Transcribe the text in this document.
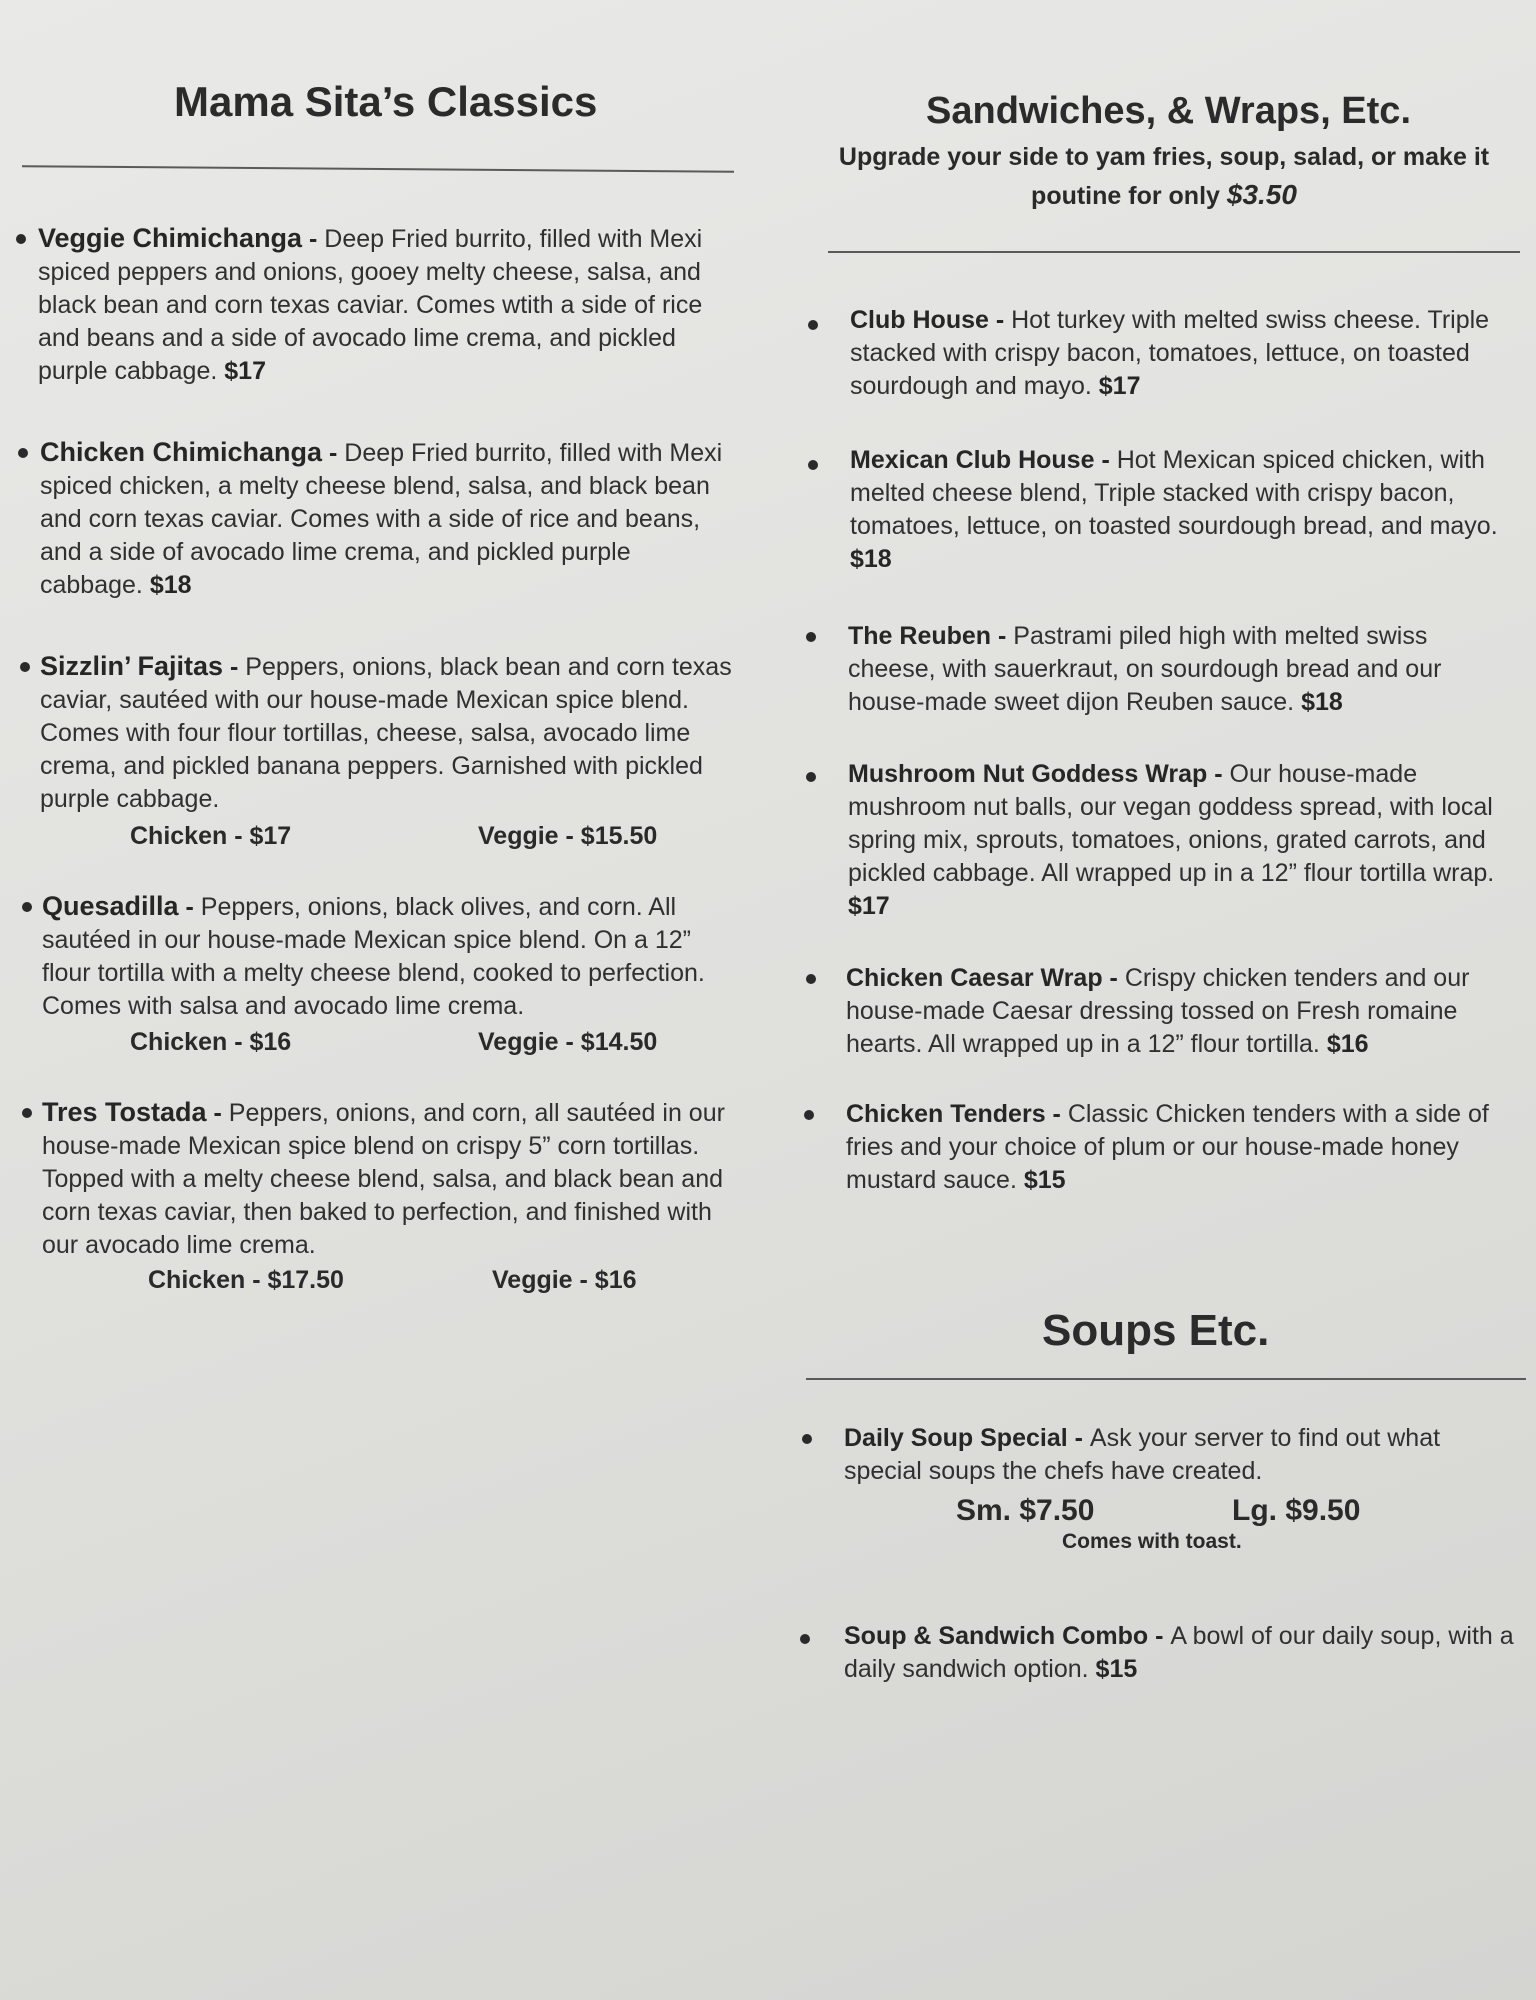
Mama Sita’s Classics
Veggie Chimichanga - Deep Fried burrito, filled with Mexi spiced peppers and onions, gooey melty cheese, salsa, and black bean and corn texas caviar. Comes wtith a side of rice and beans and a side of avocado lime crema, and pickled purple cabbage. $17
Chicken Chimichanga - Deep Fried burrito, filled with Mexi spiced chicken, a melty cheese blend, salsa, and black bean and corn texas caviar. Comes with a side of rice and beans, and a side of avocado lime crema, and pickled purple cabbage. $18
Sizzlin’ Fajitas - Peppers, onions, black bean and corn texas caviar, sautéed with our house-made Mexican spice blend. Comes with four flour tortillas, cheese, salsa, avocado lime crema, and pickled banana peppers. Garnished with pickled purple cabbage.
Chicken - $17	Veggie - $15.50
Quesadilla - Peppers, onions, black olives, and corn. All sautéed in our house-made Mexican spice blend. On a 12” flour tortilla with a melty cheese blend, cooked to perfection. Comes with salsa and avocado lime crema.
Chicken - $16	Veggie - $14.50
Tres Tostada - Peppers, onions, and corn, all sautéed in our house-made Mexican spice blend on crispy 5” corn tortillas. Topped with a melty cheese blend, salsa, and black bean and corn texas caviar, then baked to perfection, and finished with our avocado lime crema.
Chicken - $17.50	Veggie - $16
Sandwiches, & Wraps, Etc.
Upgrade your side to yam fries, soup, salad, or make it poutine for only $3.50
Club House - Hot turkey with melted swiss cheese. Triple stacked with crispy bacon, tomatoes, lettuce, on toasted sourdough and mayo. $17
Mexican Club House - Hot Mexican spiced chicken, with melted cheese blend, Triple stacked with crispy bacon, tomatoes, lettuce, on toasted sourdough bread, and mayo. $18
The Reuben - Pastrami piled high with melted swiss cheese, with sauerkraut, on sourdough bread and our house-made sweet dijon Reuben sauce. $18
Mushroom Nut Goddess Wrap - Our house-made mushroom nut balls, our vegan goddess spread, with local spring mix, sprouts, tomatoes, onions, grated carrots, and pickled cabbage. All wrapped up in a 12” flour tortilla wrap. $17
Chicken Caesar Wrap - Crispy chicken tenders and our house-made Caesar dressing tossed on Fresh romaine hearts. All wrapped up in a 12” flour tortilla. $16
Chicken Tenders - Classic Chicken tenders with a side of fries and your choice of plum or our house-made honey mustard sauce. $15
Soups Etc.
Daily Soup Special - Ask your server to find out what special soups the chefs have created.
Sm. $7.50	Lg. $9.50
Comes with toast.
Soup & Sandwich Combo - A bowl of our daily soup, with a daily sandwich option. $15
